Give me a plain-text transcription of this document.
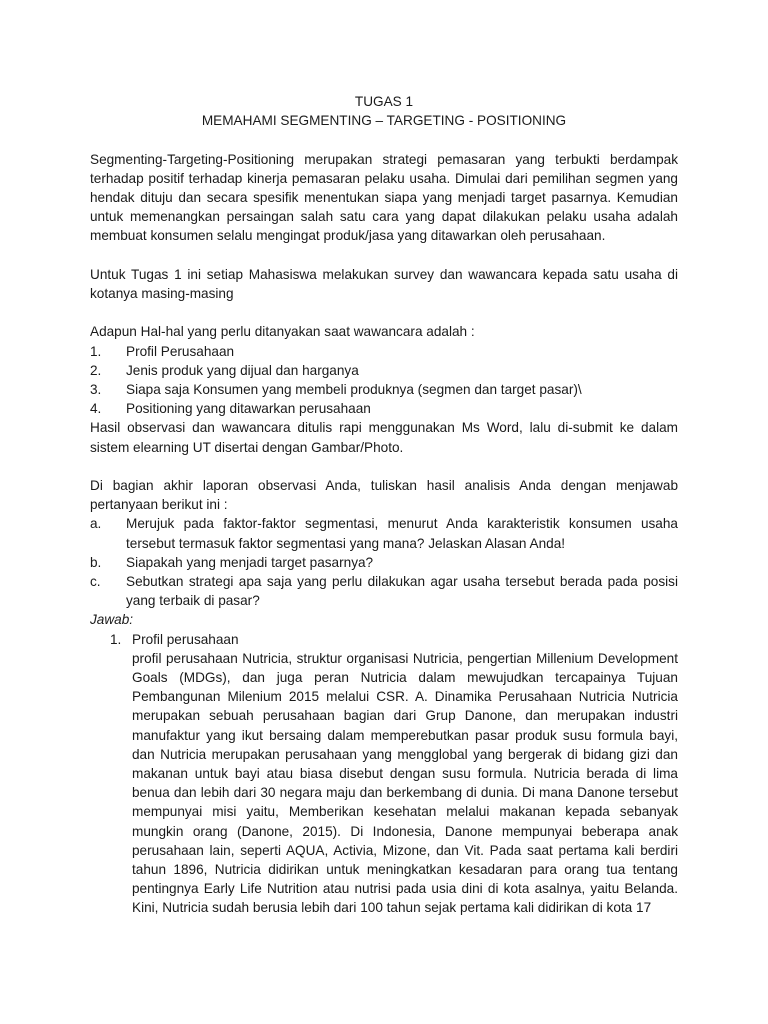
TUGAS 1
MEMAHAMI SEGMENTING – TARGETING - POSITIONING

Segmenting-Targeting-Positioning merupakan strategi pemasaran yang terbukti berdampak terhadap positif terhadap kinerja pemasaran pelaku usaha. Dimulai dari pemilihan segmen yang hendak dituju dan secara spesifik menentukan siapa yang menjadi target pasarnya. Kemudian untuk memenangkan persaingan salah satu cara yang dapat dilakukan pelaku usaha adalah membuat konsumen selalu mengingat produk/jasa yang ditawarkan oleh perusahaan.

Untuk Tugas 1 ini setiap Mahasiswa melakukan survey dan wawancara kepada satu usaha di kotanya masing-masing

Adapun Hal-hal yang perlu ditanyakan saat wawancara adalah :

1. Profil Perusahaan
2. Jenis produk yang dijual dan harganya
3. Siapa saja Konsumen yang membeli produknya (segmen dan target pasar)\
4. Positioning yang ditawarkan perusahaan

Hasil observasi dan wawancara ditulis rapi menggunakan Ms Word, lalu di-submit ke dalam sistem elearning UT disertai dengan Gambar/Photo.

Di bagian akhir laporan observasi Anda, tuliskan hasil analisis Anda dengan menjawab pertanyaan berikut ini :

a. Merujuk pada faktor-faktor segmentasi, menurut Anda karakteristik konsumen usaha tersebut termasuk faktor segmentasi yang mana? Jelaskan Alasan Anda!
b. Siapakah yang menjadi target pasarnya?
c. Sebutkan strategi apa saja yang perlu dilakukan agar usaha tersebut berada pada posisi yang terbaik di pasar?

Jawab:

1. Profil perusahaan

profil perusahaan Nutricia, struktur organisasi Nutricia, pengertian Millenium Development Goals (MDGs), dan juga peran Nutricia dalam mewujudkan tercapainya Tujuan Pembangunan Milenium 2015 melalui CSR. A. Dinamika Perusahaan Nutricia Nutricia merupakan sebuah perusahaan bagian dari Grup Danone, dan merupakan industri manufaktur yang ikut bersaing dalam memperebutkan pasar produk susu formula bayi, dan Nutricia merupakan perusahaan yang mengglobal yang bergerak di bidang gizi dan makanan untuk bayi atau biasa disebut dengan susu formula. Nutricia berada di lima benua dan lebih dari 30 negara maju dan berkembang di dunia. Di mana Danone tersebut mempunyai misi yaitu, Memberikan kesehatan melalui makanan kepada sebanyak mungkin orang (Danone, 2015). Di Indonesia, Danone mempunyai beberapa anak perusahaan lain, seperti AQUA, Activia, Mizone, dan Vit. Pada saat pertama kali berdiri tahun 1896, Nutricia didirikan untuk meningkatkan kesadaran para orang tua tentang pentingnya Early Life Nutrition atau nutrisi pada usia dini di kota asalnya, yaitu Belanda. Kini, Nutricia sudah berusia lebih dari 100 tahun sejak pertama kali didirikan di kota 17
